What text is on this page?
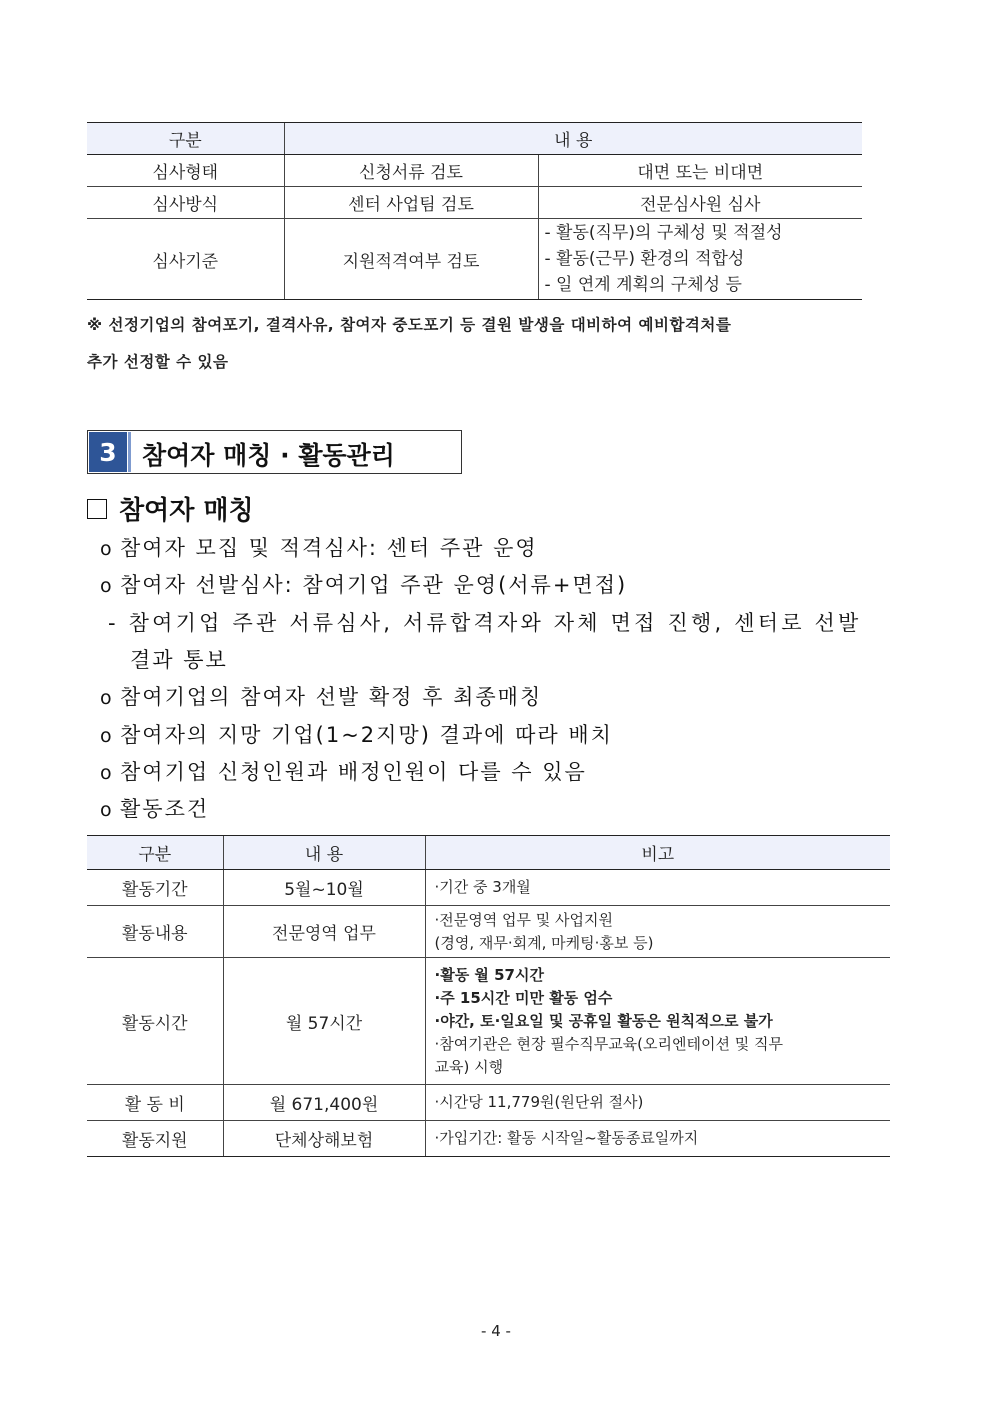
구분	내 용	
심사형태	신청서류 검토	대면 또는 비대면
심사방식	센터 사업팀 검토	전문심사원 심사
심사기준	지원적격여부 검토	- 활동(직무)의 구체성 및 적절성
- 활동(근무) 환경의 적합성
- 일 연계 계획의 구체성 등
※ 선정기업의 참여포기, 결격사유, 참여자 중도포기 등 결원 발생을 대비하여 예비합격처를
추가 선정할 수 있음
3	참여자 매칭 · 활동관리
참여자 매칭
o 참여자 모집 및 적격심사: 센터 주관 운영
o 참여자 선발심사: 참여기업 주관 운영(서류+면접)
- 참여기업 주관 서류심사, 서류합격자와 자체 면접 진행, 센터로 선발
결과 통보
o 참여기업의 참여자 선발 확정 후 최종매칭
o 참여자의 지망 기업(1~2지망) 결과에 따라 배치
o 참여기업 신청인원과 배정인원이 다를 수 있음
o 활동조건
구분	내 용	비고
활동기간	5월~10월	·기간 중 3개월

활동내용	전문영역 업무	·전문영역 업무 및 사업지원
(경영, 재무·회계, 마케팅·홍보 등)

활동시간	월 57시간	·활동 월 57시간
·주 15시간 미만 활동 엄수
·야간, 토·일요일 및 공휴일 활동은 원칙적으로 불가
·참여기관은 현장 필수직무교육(오리엔테이션 및 직무
교육) 시행

활 동 비	월 671,400원	·시간당 11,779원(원단위 절사)

활동지원	단체상해보험	·가입기간: 활동 시작일~활동종료일까지
- 4 -
